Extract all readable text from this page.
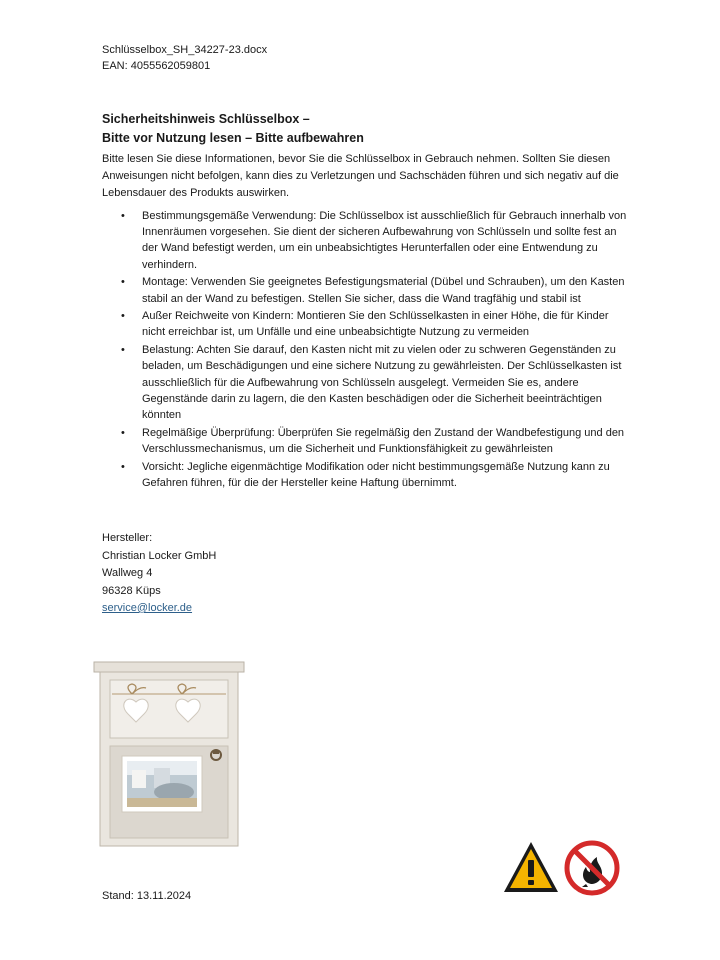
Schlüsselbox_SH_34227-23.docx
EAN: 4055562059801
Sicherheitshinweis Schlüsselbox –
Bitte vor Nutzung lesen – Bitte aufbewahren
Bitte lesen Sie diese Informationen, bevor Sie die Schlüsselbox in Gebrauch nehmen. Sollten Sie diesen Anweisungen nicht befolgen, kann dies zu Verletzungen und Sachschäden führen und sich negativ auf die Lebensdauer des Produkts auswirken.
• Bestimmungsgemäße Verwendung: Die Schlüsselbox ist ausschließlich für Gebrauch innerhalb von Innenräumen vorgesehen. Sie dient der sicheren Aufbewahrung von Schlüsseln und sollte fest an der Wand befestigt werden, um ein unbeabsichtigtes Herunterfallen oder eine Entwendung zu verhindern.
• Montage: Verwenden Sie geeignetes Befestigungsmaterial (Dübel und Schrauben), um den Kasten stabil an der Wand zu befestigen. Stellen Sie sicher, dass die Wand tragfähig und stabil ist
• Außer Reichweite von Kindern: Montieren Sie den Schlüsselkasten in einer Höhe, die für Kinder nicht erreichbar ist, um Unfälle und eine unbeabsichtigte Nutzung zu vermeiden
• Belastung: Achten Sie darauf, den Kasten nicht mit zu vielen oder zu schweren Gegenständen zu beladen, um Beschädigungen und eine sichere Nutzung zu gewährleisten. Der Schlüsselkasten ist ausschließlich für die Aufbewahrung von Schlüsseln ausgelegt. Vermeiden Sie es, andere Gegenstände darin zu lagern, die den Kasten beschädigen oder die Sicherheit beeinträchtigen könnten
• Regelmäßige Überprüfung: Überprüfen Sie regelmäßig den Zustand der Wandbefestigung und den Verschlussmechanismus, um die Sicherheit und Funktionsfähigkeit zu gewährleisten
• Vorsicht: Jegliche eigenmächtige Modifikation oder nicht bestimmungsgemäße Nutzung kann zu Gefahren führen, für die der Hersteller keine Haftung übernimmt.
Hersteller:
Christian Locker GmbH
Wallweg 4
96328 Küps
service@locker.de
Stand: 13.11.2024
